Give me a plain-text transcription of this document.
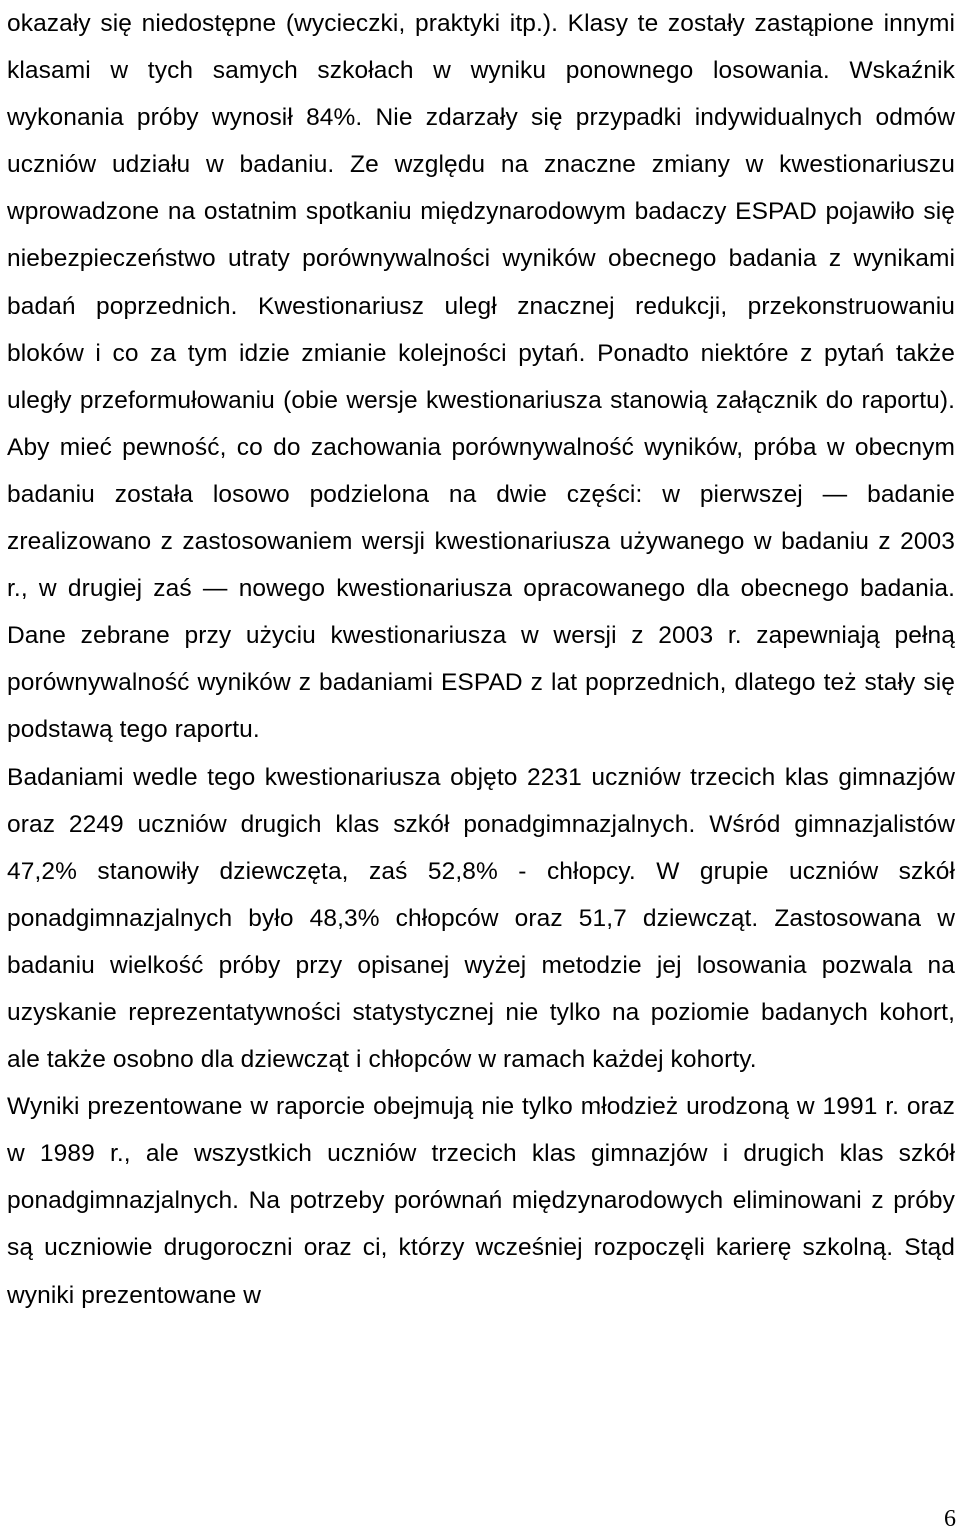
okazały się niedostępne (wycieczki, praktyki itp.). Klasy te zostały zastąpione innymi klasami w tych samych szkołach w wyniku ponownego losowania. Wskaźnik wykonania próby wynosił 84%. Nie zdarzały się przypadki indywidualnych odmów uczniów udziału w badaniu. Ze względu na znaczne zmiany w kwestionariuszu wprowadzone na ostatnim spotkaniu międzynarodowym badaczy ESPAD pojawiło się niebezpieczeństwo utraty porównywalności wyników obecnego badania z wynikami badań poprzednich. Kwestionariusz uległ znacznej redukcji, przekonstruowaniu bloków i co za tym idzie zmianie kolejności pytań. Ponadto niektóre z pytań także uległy przeformułowaniu (obie wersje kwestionariusza stanowią załącznik do raportu). Aby mieć pewność, co do zachowania porównywalność wyników, próba w obecnym badaniu została losowo podzielona na dwie części: w pierwszej — badanie zrealizowano z zastosowaniem wersji kwestionariusza używanego w badaniu z 2003 r., w drugiej zaś — nowego kwestionariusza opracowanego dla obecnego badania. Dane zebrane przy użyciu kwestionariusza w wersji z 2003 r. zapewniają pełną porównywalność wyników z badaniami ESPAD z lat poprzednich, dlatego też stały się podstawą tego raportu.

Badaniami wedle tego kwestionariusza objęto 2231 uczniów trzecich klas gimnazjów oraz 2249 uczniów drugich klas szkół ponadgimnazjalnych. Wśród gimnazjalistów 47,2% stanowiły dziewczęta, zaś 52,8% - chłopcy. W grupie uczniów szkół ponadgimnazjalnych było 48,3% chłopców oraz 51,7 dziewcząt. Zastosowana w badaniu wielkość próby przy opisanej wyżej metodzie jej losowania pozwala na uzyskanie reprezentatywności statystycznej nie tylko na poziomie badanych kohort, ale także osobno dla dziewcząt i chłopców w ramach każdej kohorty.

Wyniki prezentowane w raporcie obejmują nie tylko młodzież urodzoną w 1991 r. oraz w 1989 r., ale wszystkich uczniów trzecich klas gimnazjów i drugich klas szkół ponadgimnazjalnych. Na potrzeby porównań międzynarodowych eliminowani z próby są uczniowie drugoroczni oraz ci, którzy wcześniej rozpoczęli karierę szkolną. Stąd wyniki prezentowane w

6
